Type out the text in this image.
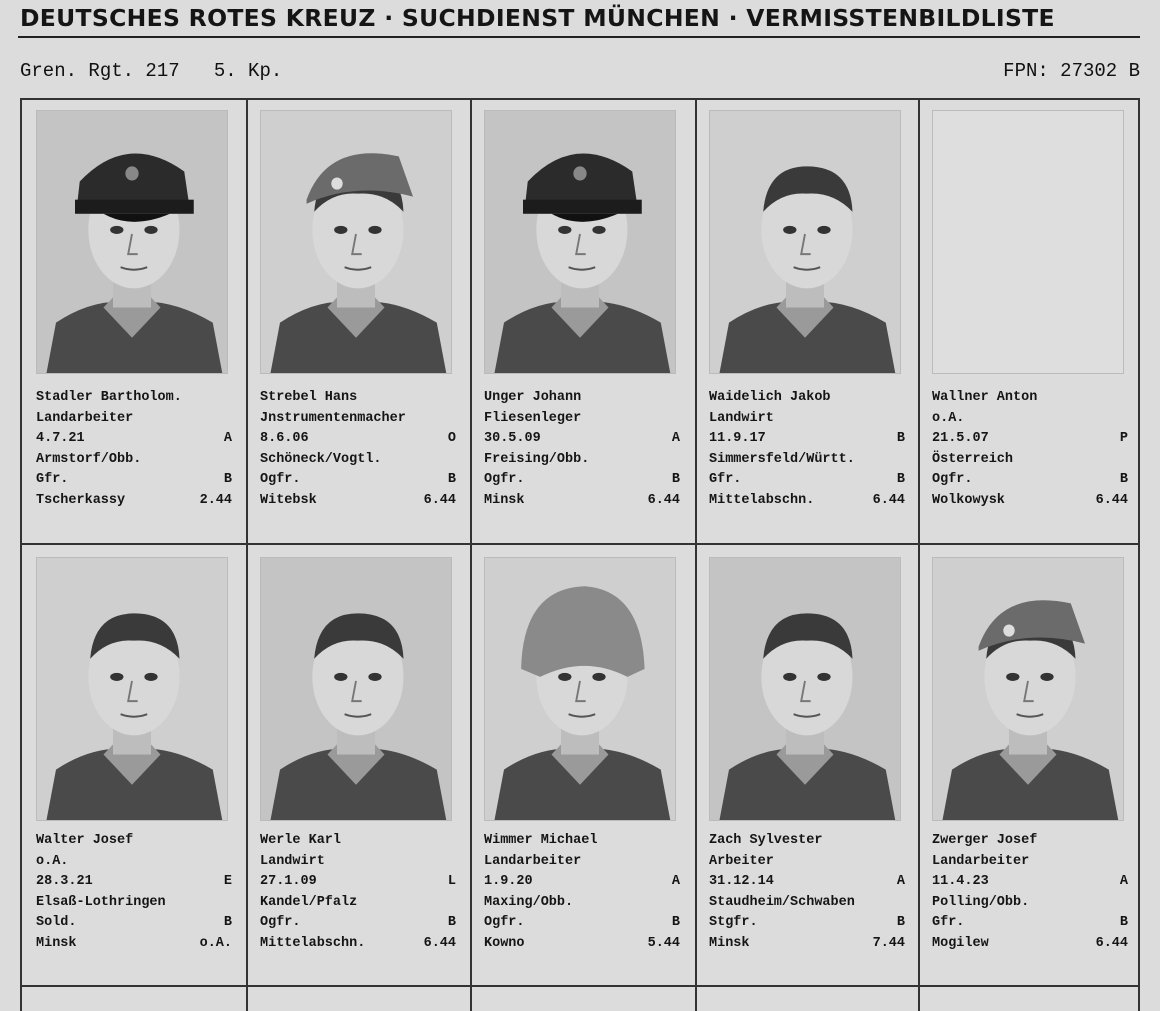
DEUTSCHES ROTES KREUZ · SUCHDIENST MÜNCHEN · VERMISSTENBILDLISTE
Gren. Rgt. 217   5. Kp.	FPN: 27302 B
Stadler Bartholom.
Landarbeiter
4.7.21	A
Armstorf/Obb.
Gfr.	B
Tscherkassy	2.44
Strebel Hans
Jnstrumentenmacher
8.6.06	O
Schöneck/Vogtl.
Ogfr.	B
Witebsk	6.44
Unger Johann
Fliesenleger
30.5.09	A
Freising/Obb.
Ogfr.	B
Minsk	6.44
Waidelich Jakob
Landwirt
11.9.17	B
Simmersfeld/Württ.
Gfr.	B
Mittelabschn.	6.44
Wallner Anton
o.A.
21.5.07	P
Österreich
Ogfr.	B
Wolkowysk	6.44
Walter Josef
o.A.
28.3.21	E
Elsaß-Lothringen
Sold.	B
Minsk	o.A.
Werle Karl
Landwirt
27.1.09	L
Kandel/Pfalz
Ogfr.	B
Mittelabschn.	6.44
Wimmer Michael
Landarbeiter
1.9.20	A
Maxing/Obb.
Ogfr.	B
Kowno	5.44
Zach Sylvester
Arbeiter
31.12.14	A
Staudheim/Schwaben
Stgfr.	B
Minsk	7.44
Zwerger Josef
Landarbeiter
11.4.23	A
Polling/Obb.
Gfr.	B
Mogilew	6.44
